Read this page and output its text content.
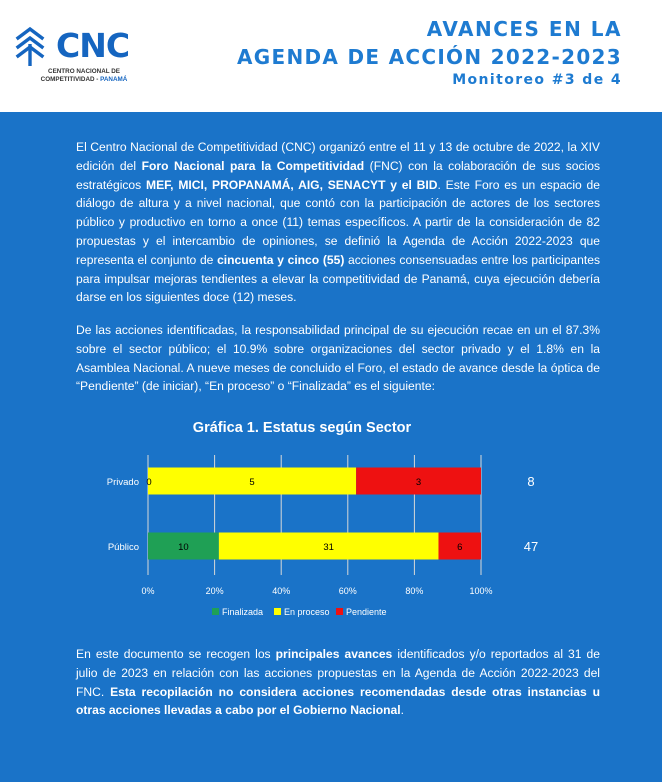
CNC
CENTRO NACIONAL DE
COMPETITIVIDAD - PANAMÁ
AVANCES EN LA
AGENDA DE ACCIÓN 2022-2023
Monitoreo #3 de 4
El Centro Nacional de Competitividad (CNC) organizó entre el 11 y 13 de octubre de 2022, la XIV edición del Foro Nacional para la Competitividad (FNC) con la colaboración de sus socios estratégicos MEF, MICI, PROPANAMÁ, AIG, SENACYT y el BID. Este Foro es un espacio de diálogo de altura y a nivel nacional, que contó con la participación de actores de los sectores público y productivo en torno a once (11) temas específicos. A partir de la consideración de 82 propuestas y el intercambio de opiniones, se definió la Agenda de Acción 2022-2023 que representa el conjunto de cincuenta y cinco (55) acciones consensuadas entre los participantes para impulsar mejoras tendientes a elevar la competitividad de Panamá, cuya ejecución debería darse en los siguientes doce (12) meses.
De las acciones identificadas, la responsabilidad principal de su ejecución recae en un el 87.3% sobre el sector público; el 10.9% sobre organizaciones del sector privado y el 1.8% en la Asamblea Nacional. A nueve meses de concluido el Foro, el estado de avance desde la óptica de “Pendiente” (de iniciar), “En proceso” o “Finalizada” es el siguiente:
Gráfica 1. Estatus según Sector
0%	20%	40%	60%	80%	100%
0	5	3
Privado	8
10	31	6
Público	47
Finalizada En proceso Pendiente
En este documento se recogen los principales avances identificados y/o reportados al 31 de julio de 2023 en relación con las acciones propuestas en la Agenda de Acción 2022-2023 del FNC. Esta recopilación no considera acciones recomendadas desde otras instancias u otras acciones llevadas a cabo por el Gobierno Nacional.
